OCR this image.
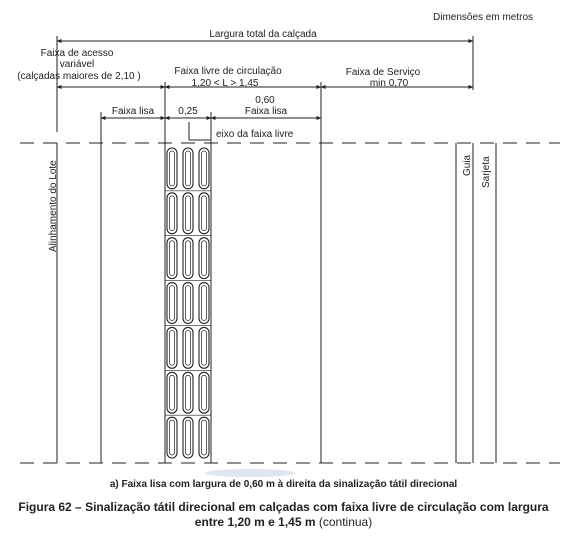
Dimensões em metros
Largura total da calçada
Faixa de acesso
variável
(calçadas maiores de 2,10 )	Faixa livre de circulação
1,20 < L > 1,45
Faixa de Serviço
min 0,70
0,60
Faixa lisa 0,25	Faixa lisa
eixo da faixa livre
Alinhamento do Lote	Guia Sarjeta
a) Faixa lisa com largura de 0,60 m à direita da sinalização tátil direcional
Figura 62 – Sinalização tátil direcional em calçadas com faixa livre de circulação com largura
entre 1,20 m e 1,45 m (continua)
